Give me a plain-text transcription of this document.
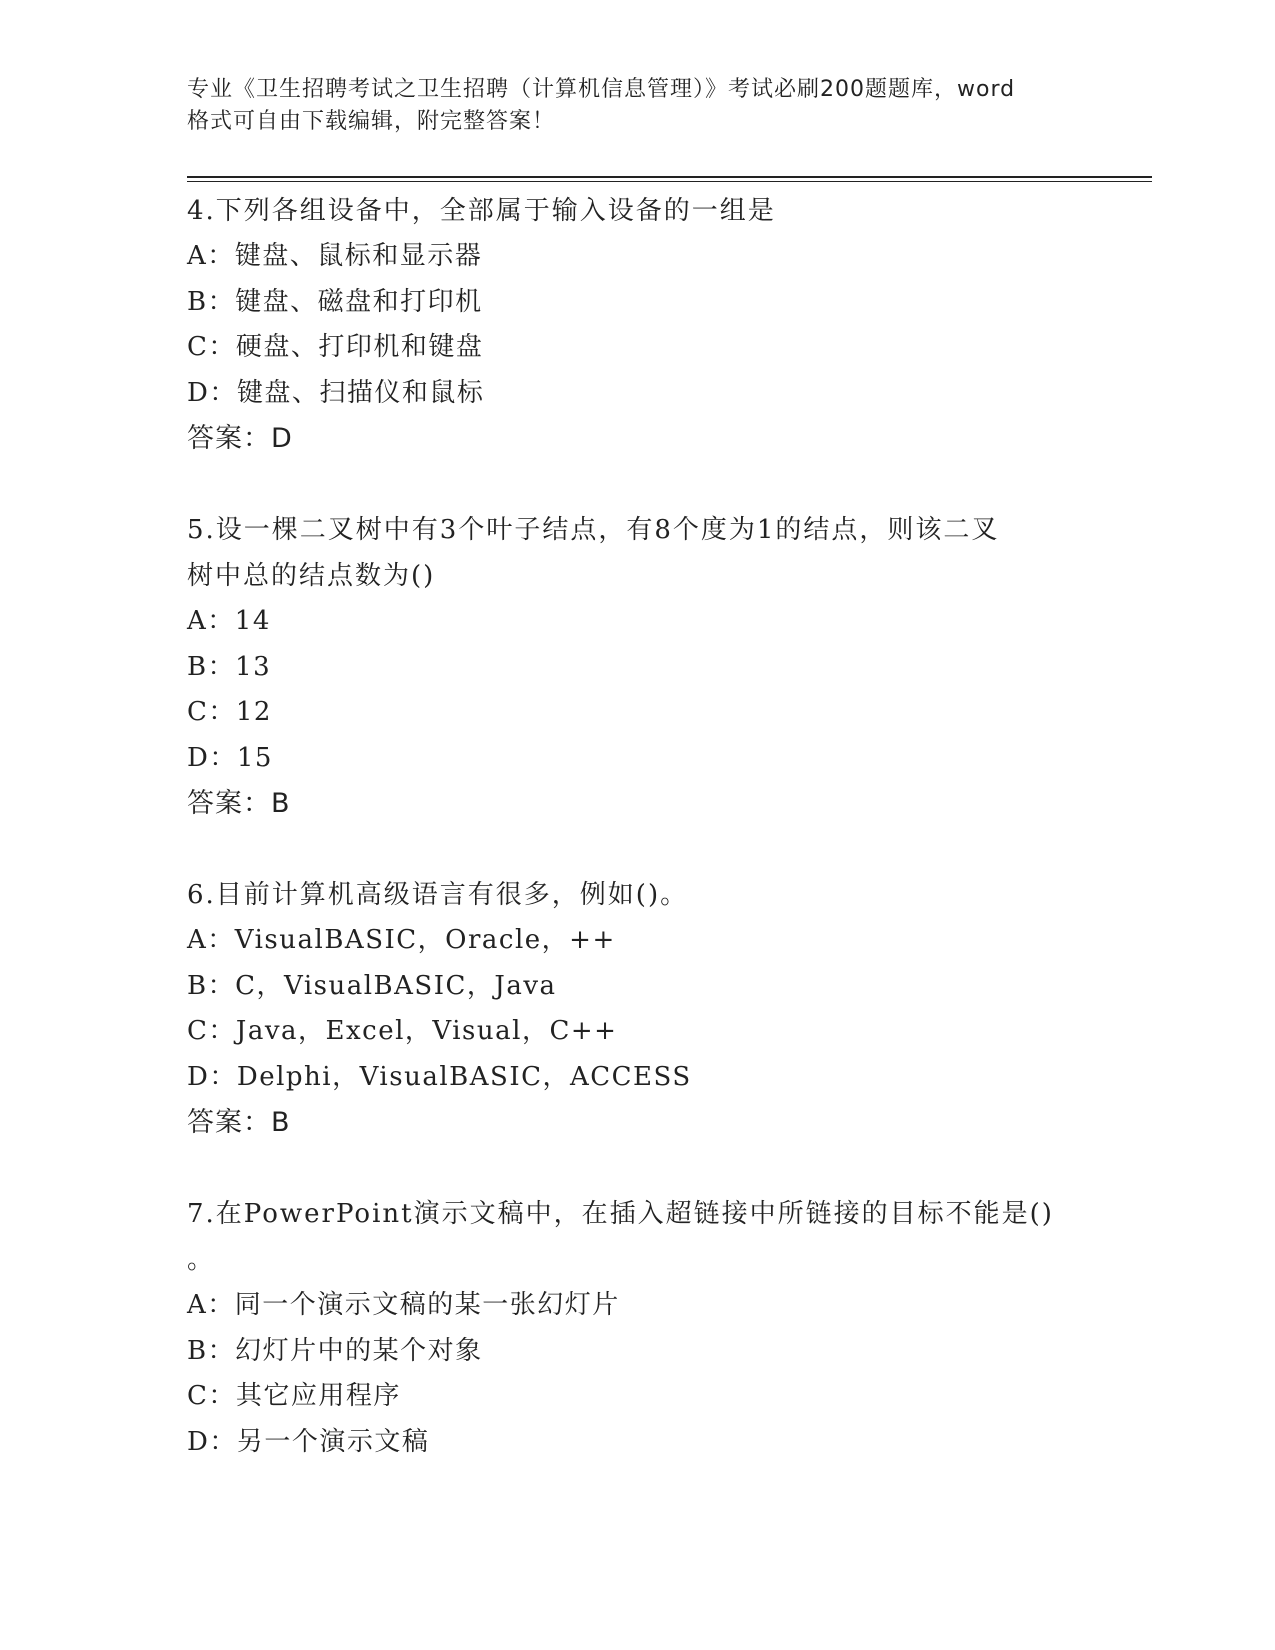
专业《卫生招聘考试之卫生招聘（计算机信息管理）》考试必刷200题题库，word
格式可自由下载编辑，附完整答案！
4.下列各组设备中，全部属于输入设备的一组是
A：键盘、鼠标和显示器
B：键盘、磁盘和打印机
C：硬盘、打印机和键盘
D：键盘、扫描仪和鼠标
答案：D
5.设一棵二叉树中有3个叶子结点，有8个度为1的结点，则该二叉
树中总的结点数为()
A：14
B：13
C：12
D：15
答案：B
6.目前计算机高级语言有很多，例如()。
A：VisualBASIC，Oracle，++
B：C，VisualBASIC，Java
C：Java，Excel，Visual，C++
D：Delphi，VisualBASIC，ACCESS
答案：B
7.在PowerPoint演示文稿中，在插入超链接中所链接的目标不能是()
。
A：同一个演示文稿的某一张幻灯片
B：幻灯片中的某个对象
C：其它应用程序
D：另一个演示文稿
